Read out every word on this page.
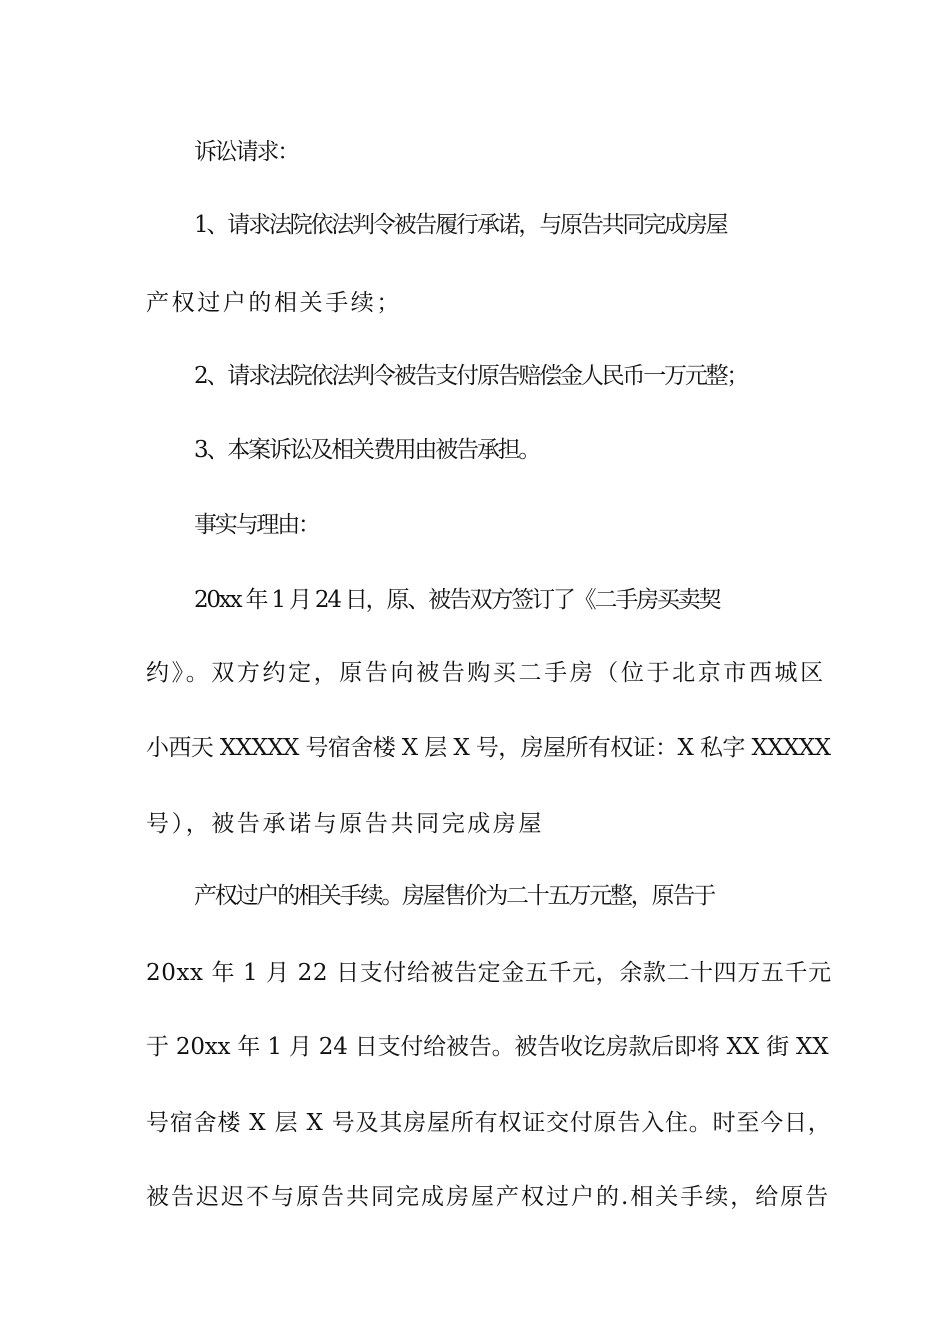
诉讼请求：
1、请求法院依法判令被告履行承诺，与原告共同完成房屋
产权过户的相关手续；
2、请求法院依法判令被告支付原告赔偿金人民币一万元整；
3、本案诉讼及相关费用由被告承担。
事实与理由：
20xx 年 1 月 24 日，原、被告双方签订了《二手房买卖契
约》。双方约定，原告向被告购买二手房（位于北京市西城区
小西天 XXXXX 号宿舍楼 X 层 X 号，房屋所有权证：X 私字 XXXXX
号），被告承诺与原告共同完成房屋
产权过户的相关手续。房屋售价为二十五万元整，原告于
20xx 年 1 月 22 日支付给被告定金五千元，余款二十四万五千元
于 20xx 年 1 月 24 日支付给被告。被告收讫房款后即将 XX 街 XX
号宿舍楼 X 层 X 号及其房屋所有权证交付原告入住。时至今日，
被告迟迟不与原告共同完成房屋产权过户的.相关手续，给原告
